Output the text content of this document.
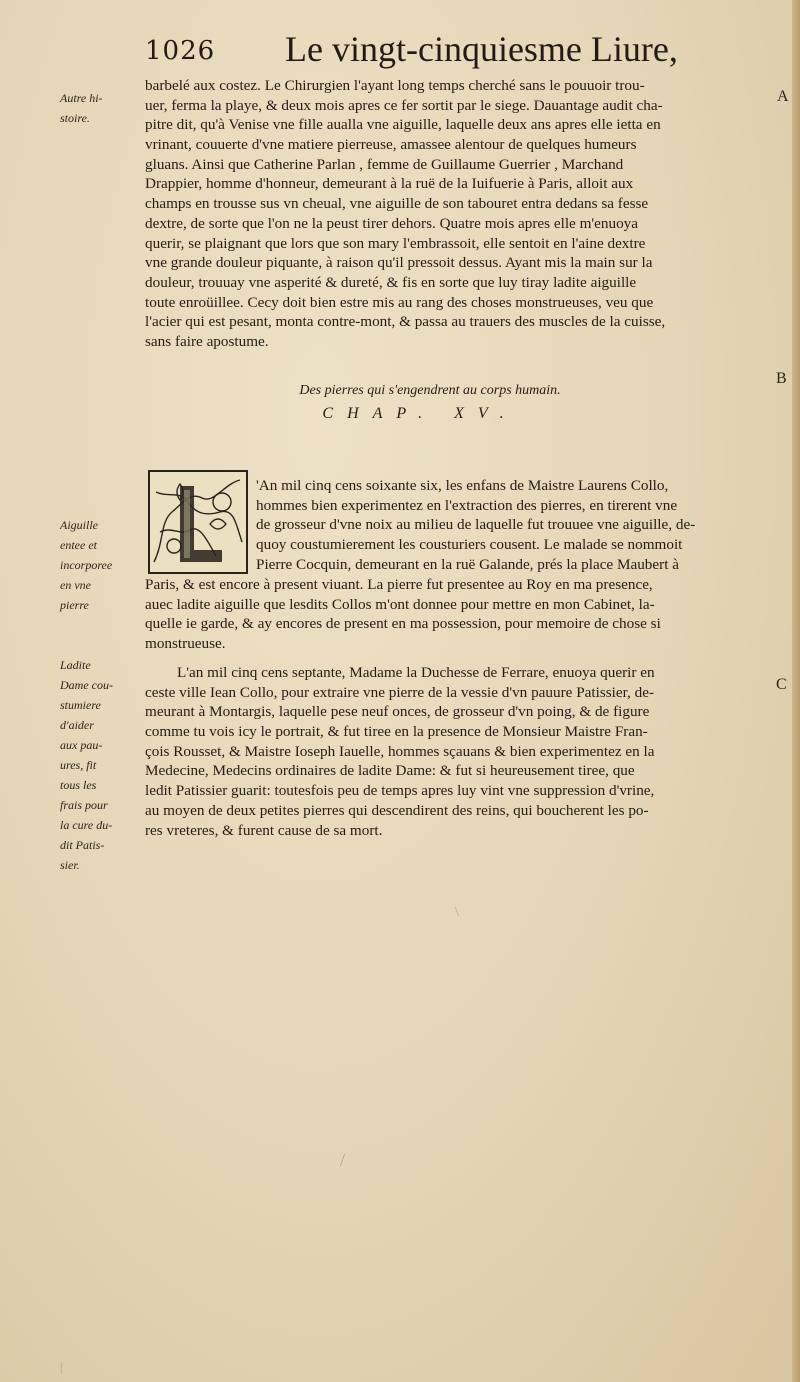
1026 Le vingt-cinquiesme Liure,
A
B
C
Autre hi-
stoire.
Aiguille
entee et
incorporee
en vne
pierre
Ladite
Dame cou-
stumiere
d'aider
aux pau-
ures, fit
tous les
frais pour
la cure du-
dit Patis-
sier.
barbelé aux costez. Le Chirurgien l'ayant long temps cherché sans le pouuoir trou-
uer, ferma la playe, & deux mois apres ce fer sortit par le siege. Dauantage audit cha-
pitre dit, qu'à Venise vne fille aualla vne aiguille, laquelle deux ans apres elle ietta en
vrinant, couuerte d'vne matiere pierreuse, amassee alentour de quelques humeurs
gluans. Ainsi que Catherine Parlan , femme de Guillaume Guerrier , Marchand
Drappier, homme d'honneur, demeurant à la ruë de la Iuifuerie à Paris, alloit aux
champs en trousse sus vn cheual, vne aiguille de son tabouret entra dedans sa fesse
dextre, de sorte que l'on ne la peust tirer dehors. Quatre mois apres elle m'enuoya
querir, se plaignant que lors que son mary l'embrassoit, elle sentoit en l'aine dextre
vne grande douleur piquante, à raison qu'il pressoit dessus. Ayant mis la main sur la
douleur, trouuay vne asperité & dureté, & fis en sorte que luy tiray ladite aiguille
toute enroüillee. Cecy doit bien estre mis au rang des choses monstrueuses, veu que
l'acier qui est pesant, monta contre-mont, & passa au trauers des muscles de la cuisse,
sans faire apostume.
Des pierres qui s'engendrent au corps humain.
CHAP. XV.
'An mil cinq cens soixante six, les enfans de Maistre Laurens Collo,
hommes bien experimentez en l'extraction des pierres, en tirerent vne
de grosseur d'vne noix au milieu de laquelle fut trouuee vne aiguille, de-
quoy coustumierement les cousturiers cousent. Le malade se nommoit
Pierre Cocquin, demeurant en la ruë Galande, prés la place Maubert à
Paris, & est encore à present viuant. La pierre fut presentee au Roy en ma presence,
auec ladite aiguille que lesdits Collos m'ont donnee pour mettre en mon Cabinet, la-
quelle ie garde, & ay encores de present en ma possession, pour memoire de chose si
monstrueuse.
L'an mil cinq cens septante, Madame la Duchesse de Ferrare, enuoya querir en
ceste ville Iean Collo, pour extraire vne pierre de la vessie d'vn pauure Patissier, de-
meurant à Montargis, laquelle pese neuf onces, de grosseur d'vn poing, & de figure
comme tu vois icy le portrait, & fut tiree en la presence de Monsieur Maistre Fran-
çois Rousset, & Maistre Ioseph Iauelle, hommes sçauans & bien experimentez en la
Medecine, Medecins ordinaires de ladite Dame: & fut si heureusement tiree, que
ledit Patissier guarit: toutesfois peu de temps apres luy vint vne suppression d'vrine,
au moyen de deux petites pierres qui descendirent des reins, qui boucherent les po-
res vreteres, & furent cause de sa mort.
/
\
|
